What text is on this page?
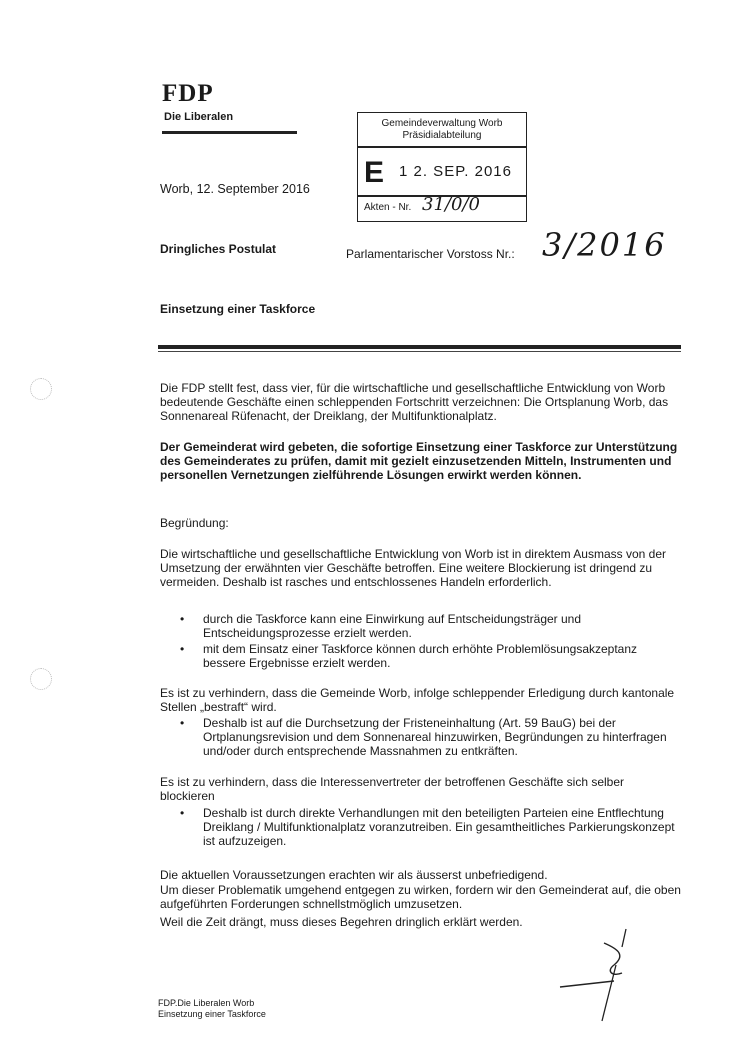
FDP
Die Liberalen
Gemeindeverwaltung Worb
Präsidialabteilung
E 1 2. SEP. 2016
Akten - Nr. 31/0/0
Worb, 12. September 2016
Dringliches Postulat	Parlamentarischer Vorstoss Nr.: 3/2016
Einsetzung einer Taskforce
Die FDP stellt fest, dass vier, für die wirtschaftliche und gesellschaftliche Entwicklung von Worb bedeutende Geschäfte einen schleppenden Fortschritt verzeichnen: Die Ortsplanung Worb, das Sonnenareal Rüfenacht, der Dreiklang, der Multifunktionalplatz.
Der Gemeinderat wird gebeten, die sofortige Einsetzung einer Taskforce zur Unterstützung des Gemeinderates zu prüfen, damit mit gezielt einzusetzenden Mitteln, Instrumenten und personellen Vernetzungen zielführende Lösungen erwirkt werden können.
Begründung:
Die wirtschaftliche und gesellschaftliche Entwicklung von Worb ist in direktem Ausmass von der Umsetzung der erwähnten vier Geschäfte betroffen. Eine weitere Blockierung ist dringend zu vermeiden. Deshalb ist rasches und entschlossenes Handeln erforderlich.
• durch die Taskforce kann eine Einwirkung auf Entscheidungsträger und Entscheidungsprozesse erzielt werden.
• mit dem Einsatz einer Taskforce können durch erhöhte Problemlösungsakzeptanz bessere Ergebnisse erzielt werden.
Es ist zu verhindern, dass die Gemeinde Worb, infolge schleppender Erledigung durch kantonale Stellen „bestraft“ wird.
• Deshalb ist auf die Durchsetzung der Fristeneinhaltung (Art. 59 BauG) bei der Ortplanungsrevision und dem Sonnenareal hinzuwirken, Begründungen zu hinterfragen und/oder durch entsprechende Massnahmen zu entkräften.
Es ist zu verhindern, dass die Interessenvertreter der betroffenen Geschäfte sich selber blockieren
• Deshalb ist durch direkte Verhandlungen mit den beteiligten Parteien eine Entflechtung Dreiklang / Multifunktionalplatz voranzutreiben. Ein gesamtheitliches Parkierungskonzept ist aufzuzeigen.
Die aktuellen Voraussetzungen erachten wir als äusserst unbefriedigend.
Um dieser Problematik umgehend entgegen zu wirken, fordern wir den Gemeinderat auf, die oben aufgeführten Forderungen schnellstmöglich umzusetzen.
Weil die Zeit drängt, muss dieses Begehren dringlich erklärt werden.
FDP.Die Liberalen Worb
Einsetzung einer Taskforce
